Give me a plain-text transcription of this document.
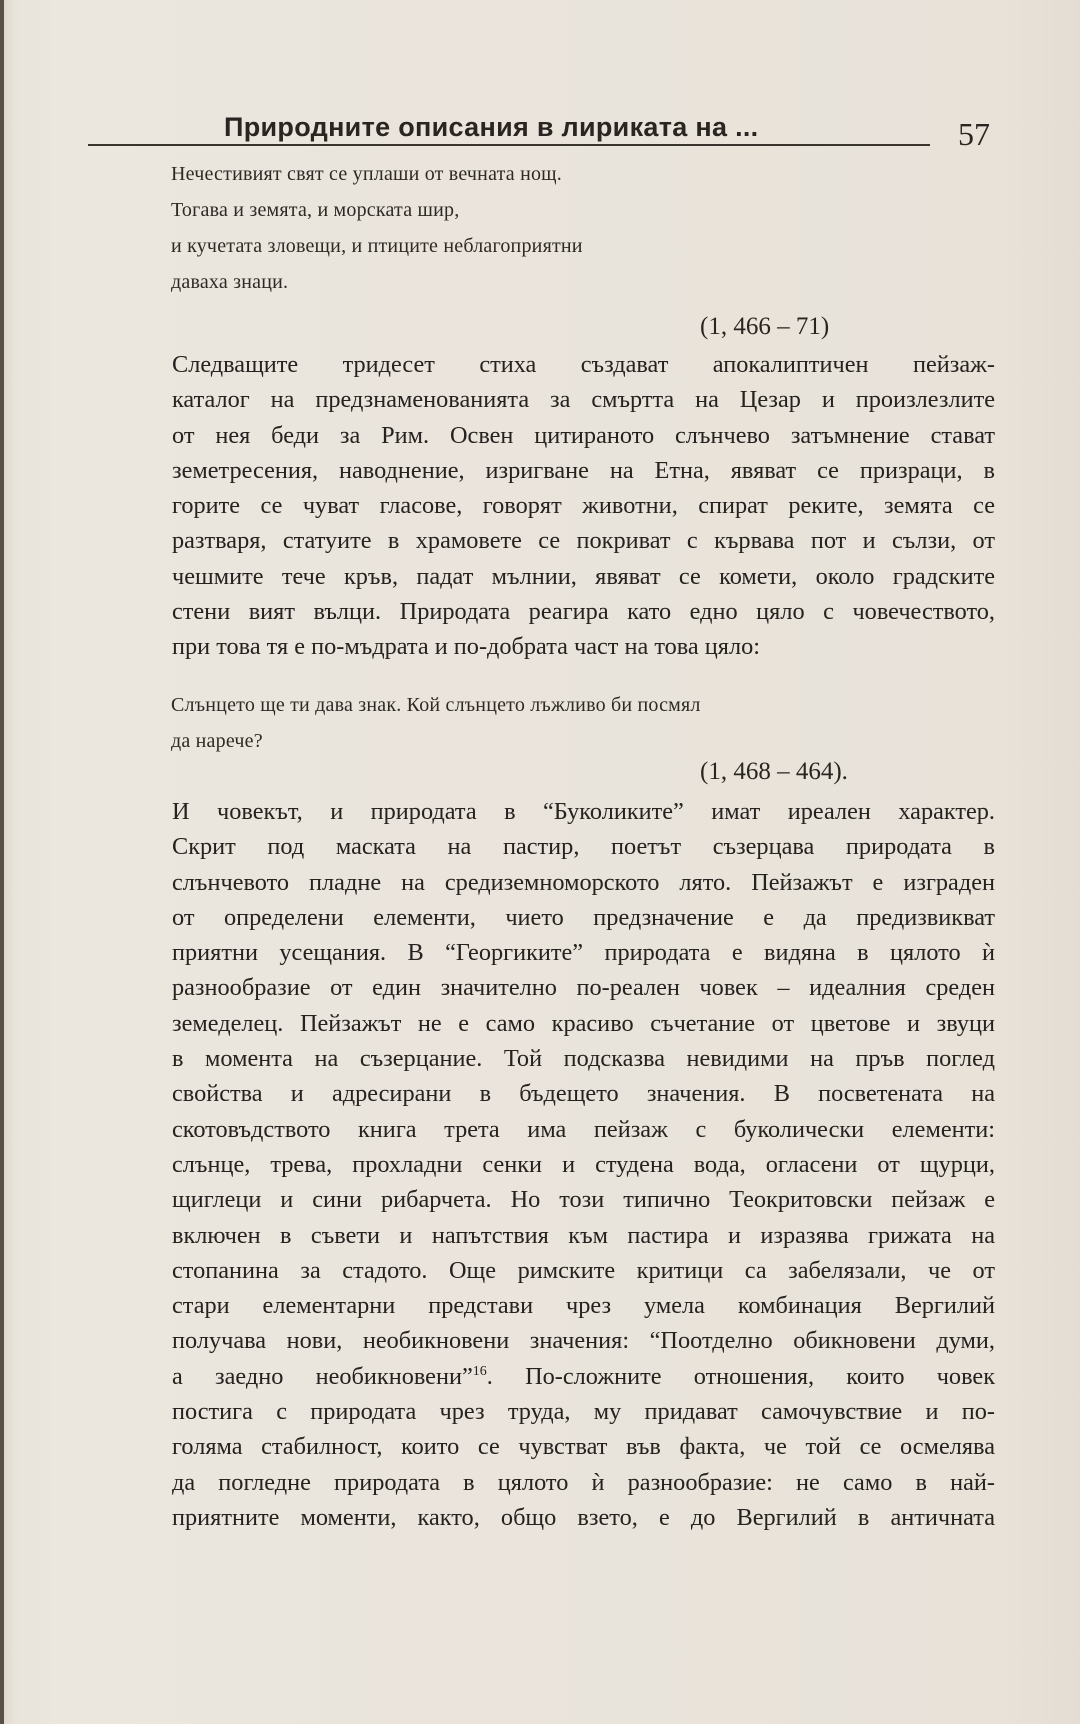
Природните описания в лириката на ...	57
Нечестивият свят се уплаши от вечната нощ.
Тогава и земята, и морската шир,
и кучетата зловещи, и птиците неблагоприятни
даваха знаци.
(1, 466 – 71)

Следващите тридесет стиха създават апокалиптичен пейзаж-
каталог на предзнаменованията за смъртта на Цезар и произлезлите
от нея беди за Рим. Освен цитираното слънчево затъмнение стават
земетресения, наводнение, изригване на Етна, явяват се призраци, в
горите се чуват гласове, говорят животни, спират реките, земята се
разтваря, статуите в храмовете се покриват с кървава пот и сълзи, от
чешмите тече кръв, падат мълнии, явяват се комети, около градските
стени вият вълци. Природата реагира като едно цяло с човечеството,
при това тя е по-мъдрата и по-добрата част на това цяло:

Слънцето ще ти дава знак. Кой слънцето лъжливо би посмял
да нарече?
(1, 468 – 464).

И човекът, и природата в “Буколиките” имат иреален характер.
Скрит под маската на пастир, поетът съзерцава природата в
слънчевото пладне на средиземноморското лято. Пейзажът е изграден
от определени елементи, чието предзначение е да предизвикват
приятни усещания. В “Георгиките” природата е видяна в цялото ѝ
разнообразие от един значително по-реален човек – идеалния среден
земеделец. Пейзажът не е само красиво съчетание от цветове и звуци
в момента на съзерцание. Той подсказва невидими на пръв поглед
свойства и адресирани в бъдещето значения. В посветената на
скотовъдството книга трета има пейзаж с буколически елементи:
слънце, трева, прохладни сенки и студена вода, огласени от щурци,
щиглеци и сини рибарчета. Но този типично Теокритовски пейзаж е
включен в съвети и напътствия към пастира и изразява грижата на
стопанина за стадото. Още римските критици са забелязали, че от
стари елементарни представи чрез умела комбинация Вергилий
получава нови, необикновени значения: “Поотделно обикновени думи,
а заедно необикновени”$^{16}$. По-сложните отношения, които човек
постига с природата чрез труда, му придават самочувствие и по-
голяма стабилност, които се чувстват във факта, че той се осмелява
да погледне природата в цялото ѝ разнообразие: не само в най-
приятните моменти, както, общо взето, е до Вергилий в античната
